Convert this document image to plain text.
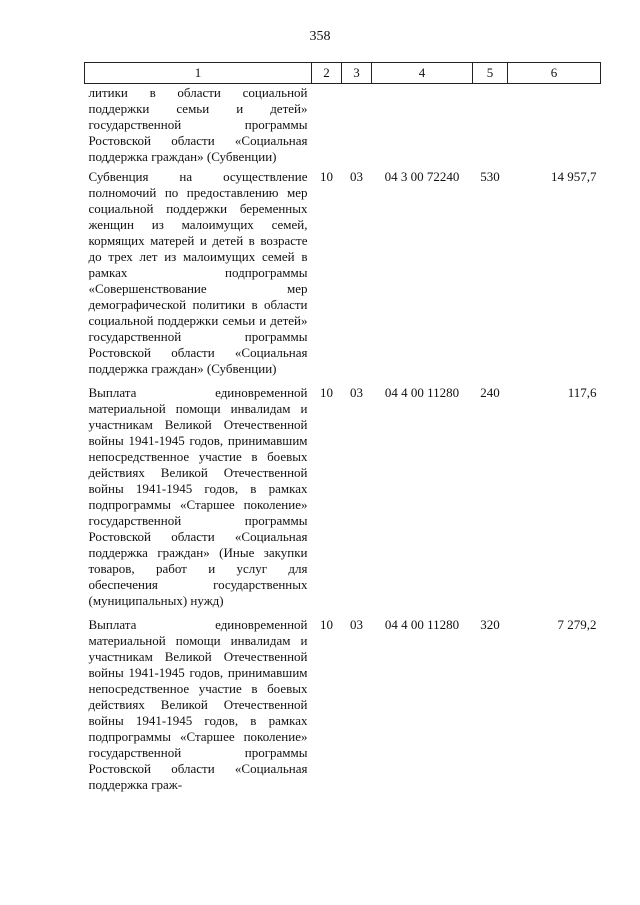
358
1	2	3	4	5	6
литики в области социальной поддержки семьи и детей» государственной программы Ростовской области «Социальная поддержка граждан» (Субвенции)					
Субвенция на осуществление полномочий по предоставлению мер социальной поддержки беременных женщин из малоимущих семей, кормящих матерей и детей в возрасте до трех лет из малоимущих семей в рамках подпрограммы «Совершенствование мер демографической политики в области социальной поддержки семьи и детей» государственной программы Ростовской области «Социальная поддержка граждан» (Субвенции)	10	03	04 3 00 72240	530	14 957,7
Выплата единовременной материальной помощи инвалидам и участникам Великой Отечественной войны 1941-1945 годов, принимавшим непосредственное участие в боевых действиях Великой Отечественной войны 1941-1945 годов, в рамках подпрограммы «Старшее поколение» государственной программы Ростовской области «Социальная поддержка граждан» (Иные закупки товаров, работ и услуг для обеспечения государственных (муниципальных) нужд)	10	03	04 4 00 11280	240	117,6
Выплата единовременной материальной помощи инвалидам и участникам Великой Отечественной войны 1941-1945 годов, принимавшим непосредственное участие в боевых действиях Великой Отечественной войны 1941-1945 годов, в рамках подпрограммы «Старшее поколение» государственной программы Ростовской области «Социальная поддержка граж-	10	03	04 4 00 11280	320	7 279,2
